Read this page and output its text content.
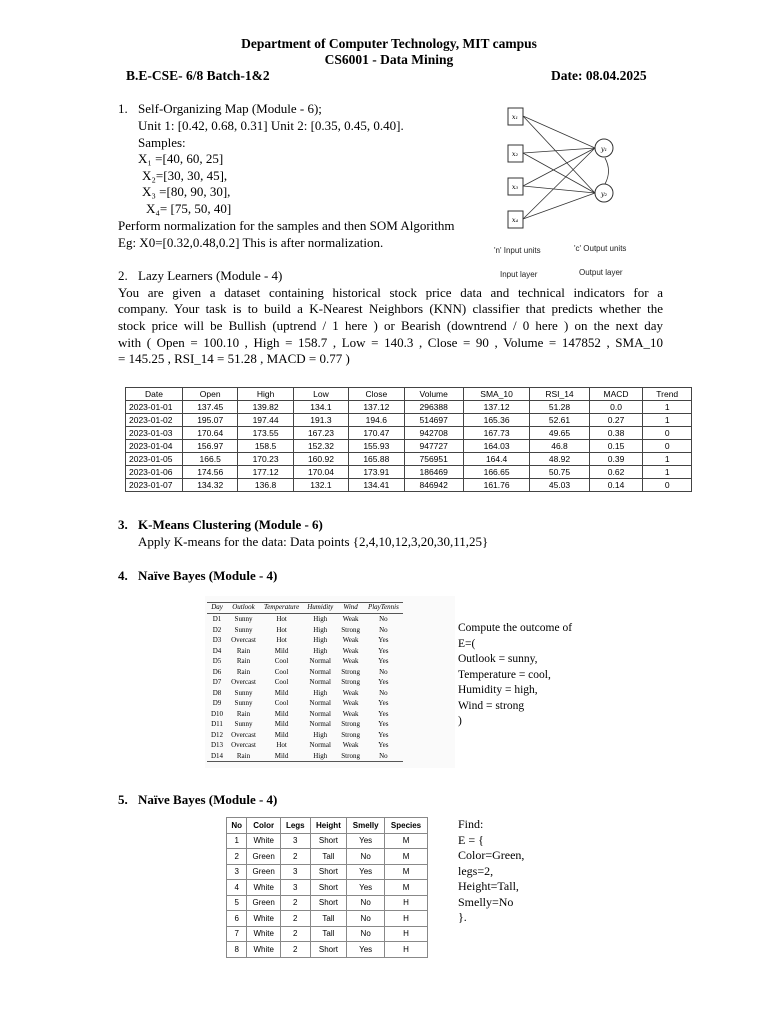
Department of Computer Technology, MIT campus
CS6001 - Data Mining
B.E-CSE- 6/8 Batch-1&2	Date: 08.04.2025
1. Self-Organizing Map (Module - 6);
Unit 1: [0.42, 0.68, 0.31] Unit 2: [0.35, 0.45, 0.40].
Samples:
X₁ =[40, 60, 25]
X₂=[30, 30, 45],
X₃ =[80, 90, 30],
X₄= [75, 50, 40]
Perform normalization for the samples and then SOM Algorithm
Eg: X0=[0.32,0.48,0.2] This is after normalization.
x₁
x₂
x₃
x₄
y₁
y₂
'n' Input units	'c' Output units
Input layer	Output layer
2. Lazy Learners (Module - 4)
You are given a dataset containing historical stock price data and technical indicators for a
company. Your task is to build a K-Nearest Neighbors (KNN) classifier that predicts whether the
stock price will be Bullish (uptrend / 1 here ) or Bearish (downtrend / 0 here ) on the next day
with ( Open = 100.10 , High = 158.7 , Low = 140.3 , Close = 90 , Volume = 147852 , SMA_10
= 145.25 , RSI_14 = 51.28 , MACD = 0.77 )
Date	Open	High	Low	Close	Volume	SMA_10	RSI_14	MACD	Trend
2023-01-01	137.45	139.82	134.1	137.12	296388	137.12	51.28	0.0	1
2023-01-02	195.07	197.44	191.3	194.6	514697	165.36	52.61	0.27	1
2023-01-03	170.64	173.55	167.23	170.47	942708	167.73	49.65	0.38	0
2023-01-04	156.97	158.5	152.32	155.93	947727	164.03	46.8	0.15	0
2023-01-05	166.5	170.23	160.92	165.88	756951	164.4	48.92	0.39	1
2023-01-06	174.56	177.12	170.04	173.91	186469	166.65	50.75	0.62	1
2023-01-07	134.32	136.8	132.1	134.41	846942	161.76	45.03	0.14	0
3. K-Means Clustering (Module - 6)
Apply K-means for the data: Data points {2,4,10,12,3,20,30,11,25}
4. Naïve Bayes (Module - 4)
Day	Outlook	Temperature	Humidity	Wind	PlayTennis
D1	Sunny	Hot	High	Weak	No
D2	Sunny	Hot	High	Strong	No
D3	Overcast	Hot	High	Weak	Yes
D4	Rain	Mild	High	Weak	Yes
D5	Rain	Cool	Normal	Weak	Yes
D6	Rain	Cool	Normal	Strong	No
D7	Overcast	Cool	Normal	Strong	Yes
D8	Sunny	Mild	High	Weak	No
D9	Sunny	Cool	Normal	Weak	Yes
D10	Rain	Mild	Normal	Weak	Yes
D11	Sunny	Mild	Normal	Strong	Yes
D12	Overcast	Mild	High	Strong	Yes
D13	Overcast	Hot	Normal	Weak	Yes
D14	Rain	Mild	High	Strong	No
Compute the outcome of
E=(
Outlook = sunny,
Temperature = cool,
Humidity = high,
Wind = strong
)
5. Naïve Bayes (Module - 4)
No	Color	Legs	Height	Smelly	Species
1	White	3	Short	Yes	M
2	Green	2	Tall	No	M
3	Green	3	Short	Yes	M
4	White	3	Short	Yes	M
5	Green	2	Short	No	H
6	White	2	Tall	No	H
7	White	2	Tall	No	H
8	White	2	Short	Yes	H
Find:
E = {
Color=Green,
legs=2,
Height=Tall,
Smelly=No
}.
